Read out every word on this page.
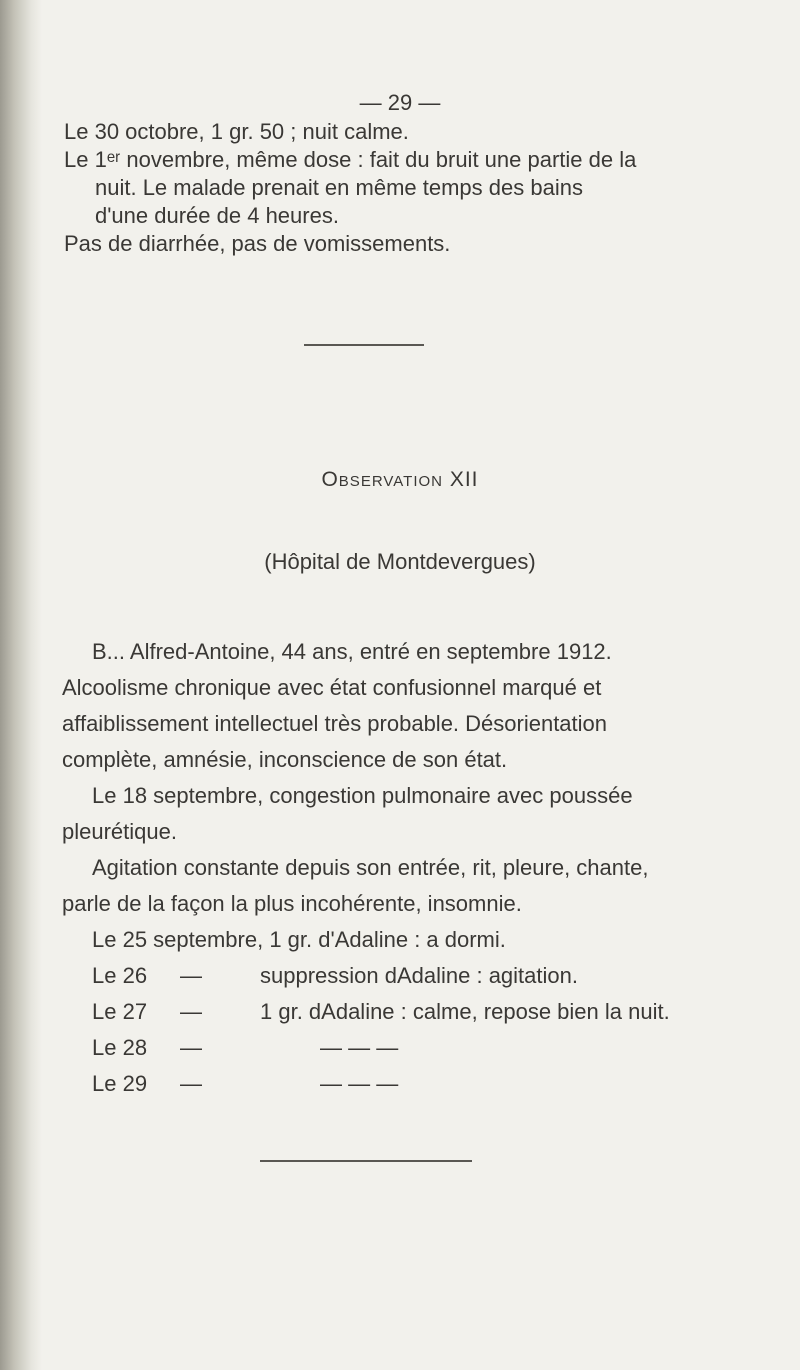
— 29 —
Le 30 octobre, 1 gr. 50 ; nuit calme.
Le 1ᵉʳ novembre, même dose : fait du bruit une partie de la
nuit. Le malade prenait en même temps des bains
d'une durée de 4 heures.
Pas de diarrhée, pas de vomissements.
Observation XII
(Hôpital de Montdevergues)
B... Alfred-Antoine, 44 ans, entré en septembre 1912.
Alcoolisme chronique avec état confusionnel marqué et
affaiblissement intellectuel très probable. Désorientation
complète, amnésie, inconscience de son état.
Le 18 septembre, congestion pulmonaire avec poussée
pleurétique.
Agitation constante depuis son entrée, rit, pleure, chante,
parle de la façon la plus incohérente, insomnie.
Le 25 septembre, 1 gr. d'Adaline : a dormi.
Le 26 —	suppression dAdaline : agitation.
Le 27 —	1 gr. dAdaline : calme, repose bien la nuit.
Le 28 —	— — —
Le 29 —	— — —
